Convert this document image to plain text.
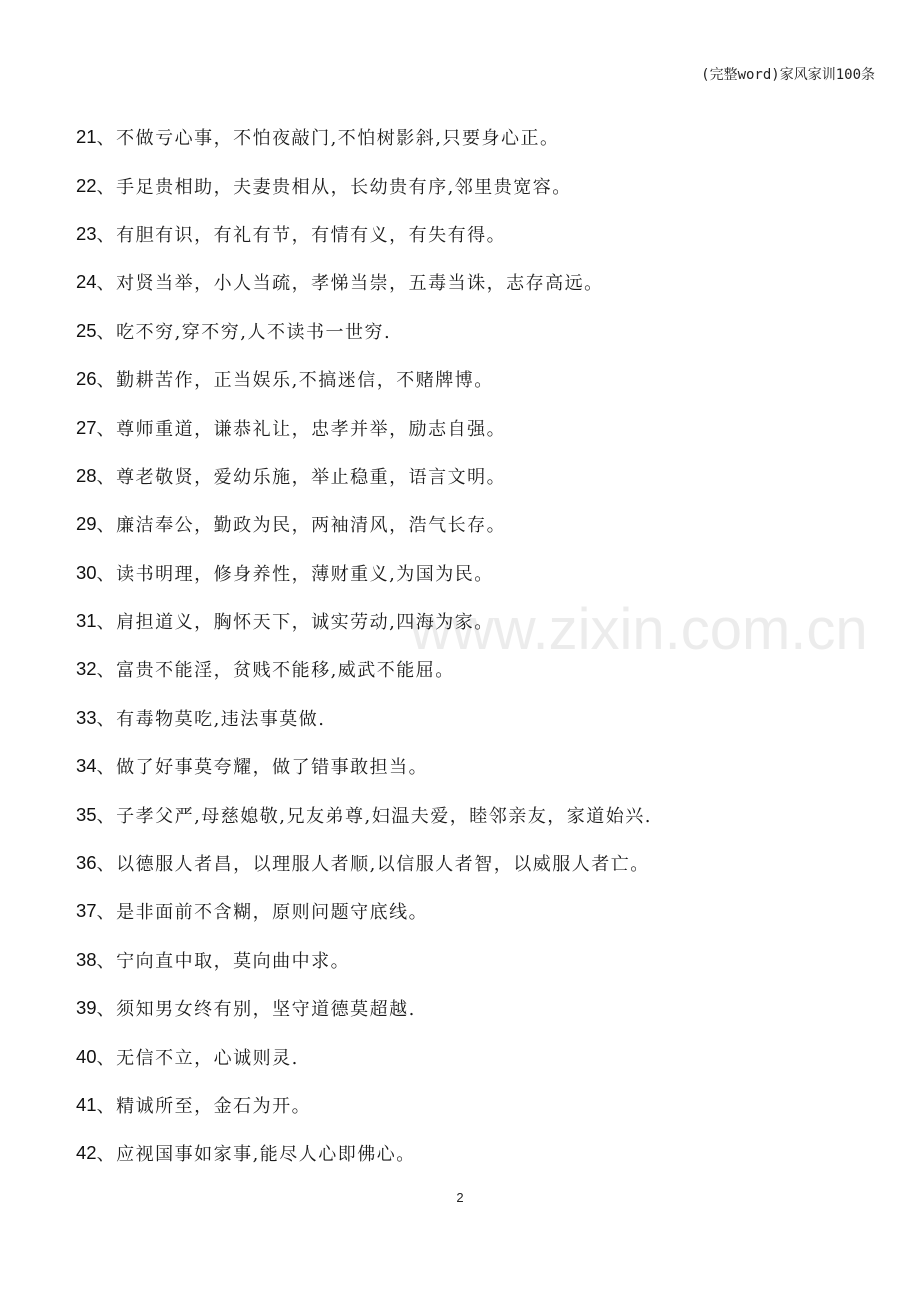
(完整word)家风家训100条
www.zixin.com.cn
21 、不做亏心事，不怕夜敲门,不怕树影斜,只要身心正。
22 、手足贵相助，夫妻贵相从，长幼贵有序,邻里贵宽容。
23 、有胆有识，有礼有节，有情有义，有失有得。
24 、对贤当举，小人当疏，孝悌当崇，五毒当诛，志存高远。
25 、吃不穷,穿不穷,人不读书一世穷.
26 、勤耕苦作，正当娱乐,不搞迷信，不赌牌博。
27 、尊师重道，谦恭礼让，忠孝并举，励志自强。
28 、尊老敬贤，爱幼乐施，举止稳重，语言文明。
29 、廉洁奉公，勤政为民，两袖清风，浩气长存。
30 、读书明理，修身养性，薄财重义,为国为民。
31 、肩担道义，胸怀天下，诚实劳动,四海为家。
32 、富贵不能淫，贫贱不能移,威武不能屈。
33 、有毒物莫吃,违法事莫做.
34 、做了好事莫夸耀，做了错事敢担当。
35 、子孝父严,母慈媳敬,兄友弟尊,妇温夫爱，睦邻亲友，家道始兴.
36 、以德服人者昌，以理服人者顺,以信服人者智，以威服人者亡。
37 、是非面前不含糊，原则问题守底线。
38 、宁向直中取，莫向曲中求。
39 、须知男女终有别，坚守道德莫超越.
40 、无信不立，心诚则灵.
41 、精诚所至，金石为开。
42 、应视国事如家事,能尽人心即佛心。
2
